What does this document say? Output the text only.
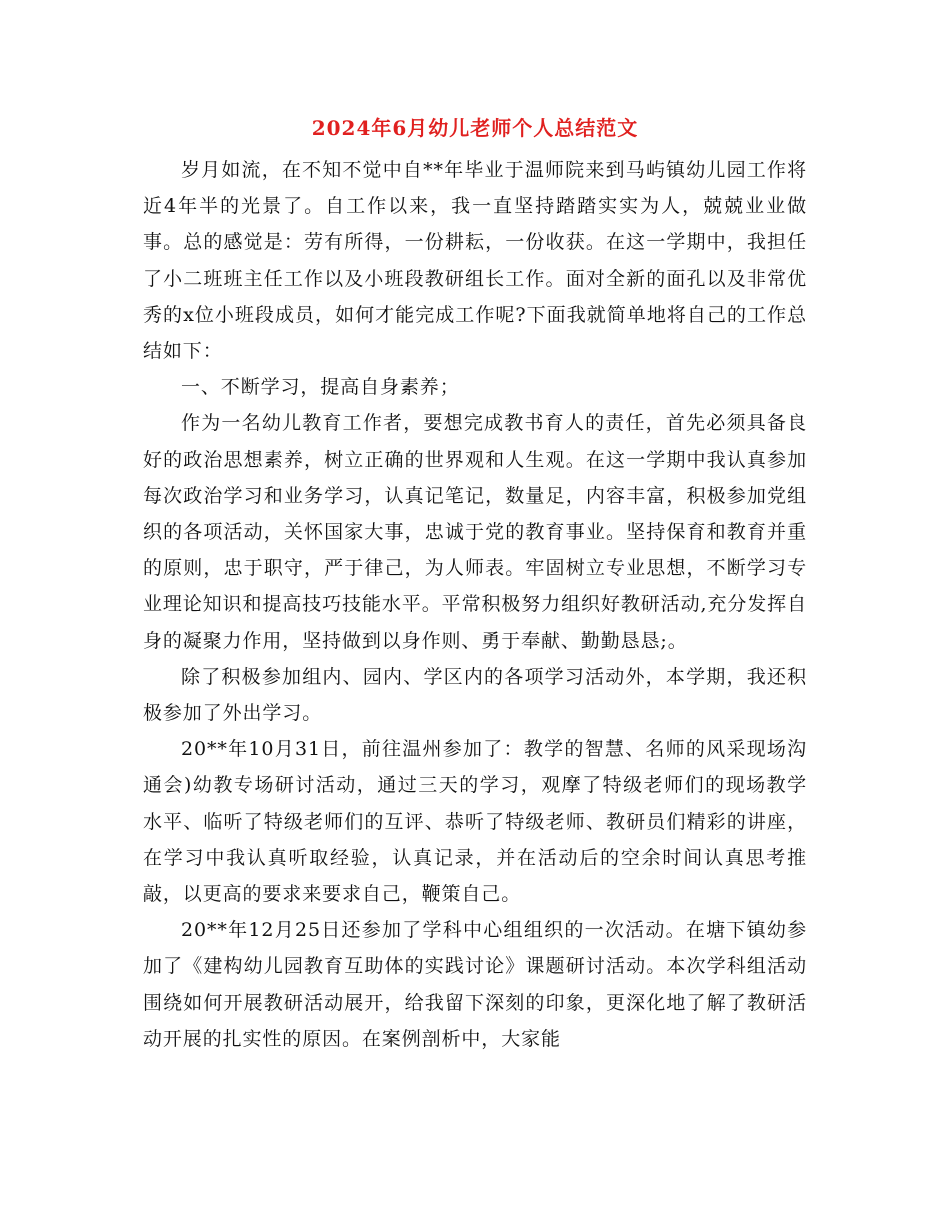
2024年6月幼儿老师个人总结范文

岁月如流，在不知不觉中自**年毕业于温师院来到马屿镇幼儿园工作将近4年半的光景了。自工作以来，我一直坚持踏踏实实为人，兢兢业业做事。总的感觉是：劳有所得，一份耕耘，一份收获。在这一学期中，我担任了小二班班主任工作以及小班段教研组长工作。面对全新的面孔以及非常优秀的x位小班段成员，如何才能完成工作呢?下面我就简单地将自己的工作总结如下：

一、不断学习，提高自身素养；

作为一名幼儿教育工作者，要想完成教书育人的责任，首先必须具备良好的政治思想素养，树立正确的世界观和人生观。在这一学期中我认真参加每次政治学习和业务学习，认真记笔记，数量足，内容丰富，积极参加党组织的各项活动，关怀国家大事，忠诚于党的教育事业。坚持保育和教育并重的原则，忠于职守，严于律己，为人师表。牢固树立专业思想，不断学习专业理论知识和提高技巧技能水平。平常积极努力组织好教研活动,充分发挥自身的凝聚力作用，坚持做到以身作则、勇于奉献、勤勤恳恳;。

除了积极参加组内、园内、学区内的各项学习活动外，本学期，我还积极参加了外出学习。

20**年10月31日，前往温州参加了：教学的智慧、名师的风采现场沟通会)幼教专场研讨活动，通过三天的学习，观摩了特级老师们的现场教学水平、临听了特级老师们的互评、恭听了特级老师、教研员们精彩的讲座，在学习中我认真听取经验，认真记录，并在活动后的空余时间认真思考推敲，以更高的要求来要求自己，鞭策自己。

20**年12月25日还参加了学科中心组组织的一次活动。在塘下镇幼参加了《建构幼儿园教育互助体的实践讨论》课题研讨活动。本次学科组活动围绕如何开展教研活动展开，给我留下深刻的印象，更深化地了解了教研活动开展的扎实性的原因。在案例剖析中，大家能
